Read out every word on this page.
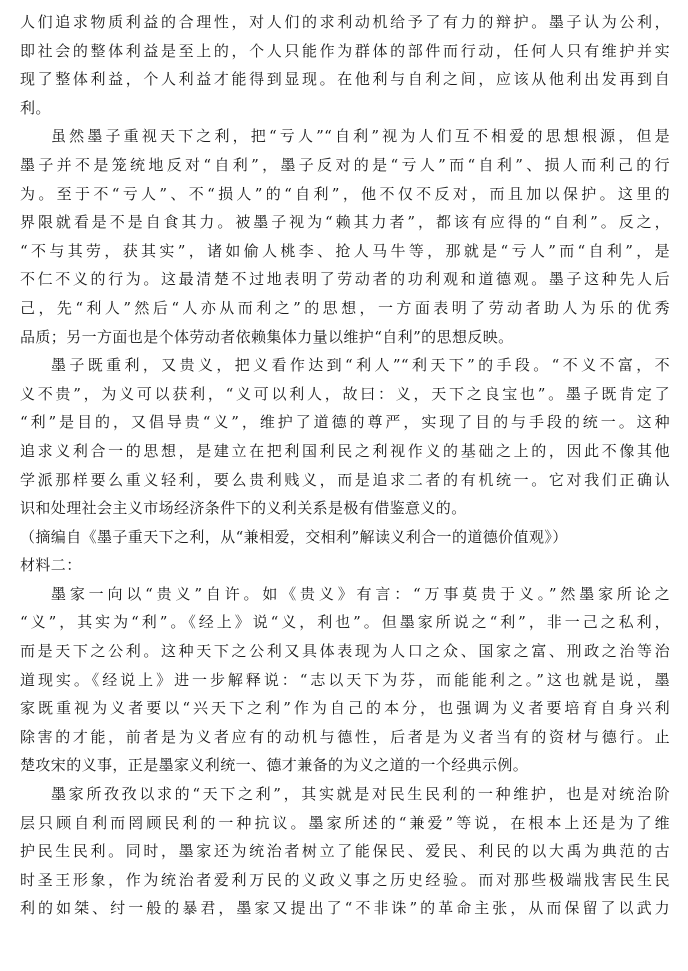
人们追求物质利益的合理性，对人们的求利动机给予了有力的辩护。墨子认为公利，
即社会的整体利益是至上的，个人只能作为群体的部件而行动，任何人只有维护并实
现了整体利益，个人利益才能得到显现。在他利与自利之间，应该从他利出发再到自
利。
虽然墨子重视天下之利，把“亏人”“自利”视为人们互不相爱的思想根源，但是
墨子并不是笼统地反对“自利”，墨子反对的是“亏人”而“自利”、损人而利己的行
为。至于不“亏人”、不“损人”的“自利”，他不仅不反对，而且加以保护。这里的
界限就看是不是自食其力。被墨子视为“赖其力者”，都该有应得的“自利”。反之，
“不与其劳，获其实”，诸如偷人桃李、抢人马牛等，那就是“亏人”而“自利”，是
不仁不义的行为。这最清楚不过地表明了劳动者的功利观和道德观。墨子这种先人后
己，先“利人”然后“人亦从而利之”的思想，一方面表明了劳动者助人为乐的优秀
品质；另一方面也是个体劳动者依赖集体力量以维护“自利”的思想反映。
墨子既重利，又贵义，把义看作达到“利人”“利天下”的手段。“不义不富，不
义不贵”，为义可以获利，“义可以利人，故曰：义，天下之良宝也”。墨子既肯定了
“利”是目的，又倡导贵“义”，维护了道德的尊严，实现了目的与手段的统一。这种
追求义利合一的思想，是建立在把利国利民之利视作义的基础之上的，因此不像其他
学派那样要么重义轻利，要么贵利贱义，而是追求二者的有机统一。它对我们正确认
识和处理社会主义市场经济条件下的义利关系是极有借鉴意义的。
（摘编自《墨子重天下之利，从“兼相爱，交相利”解读义利合一的道德价值观》）
材料二：
墨家一向以“贵义”自许。如《贵义》有言：“万事莫贵于义。”然墨家所论之
“义”，其实为“利”。《经上》说“义，利也”。但墨家所说之“利”，非一己之私利，
而是天下之公利。这种天下之公利又具体表现为人口之众、国家之富、刑政之治等治
道现实。《经说上》进一步解释说：“志以天下为芬，而能能利之。”这也就是说，墨
家既重视为义者要以“兴天下之利”作为自己的本分，也强调为义者要培育自身兴利
除害的才能，前者是为义者应有的动机与德性，后者是为义者当有的资材与德行。止
楚攻宋的义事，正是墨家义利统一、德才兼备的为义之道的一个经典示例。
墨家所孜孜以求的“天下之利”，其实就是对民生民利的一种维护，也是对统治阶
层只顾自利而罔顾民利的一种抗议。墨家所述的“兼爱”等说，在根本上还是为了维
护民生民利。同时，墨家还为统治者树立了能保民、爱民、利民的以大禹为典范的古
时圣王形象，作为统治者爱利万民的义政义事之历史经验。而对那些极端戕害民生民
利的如桀、纣一般的暴君，墨家又提出了“不非诛”的革命主张，从而保留了以武力
